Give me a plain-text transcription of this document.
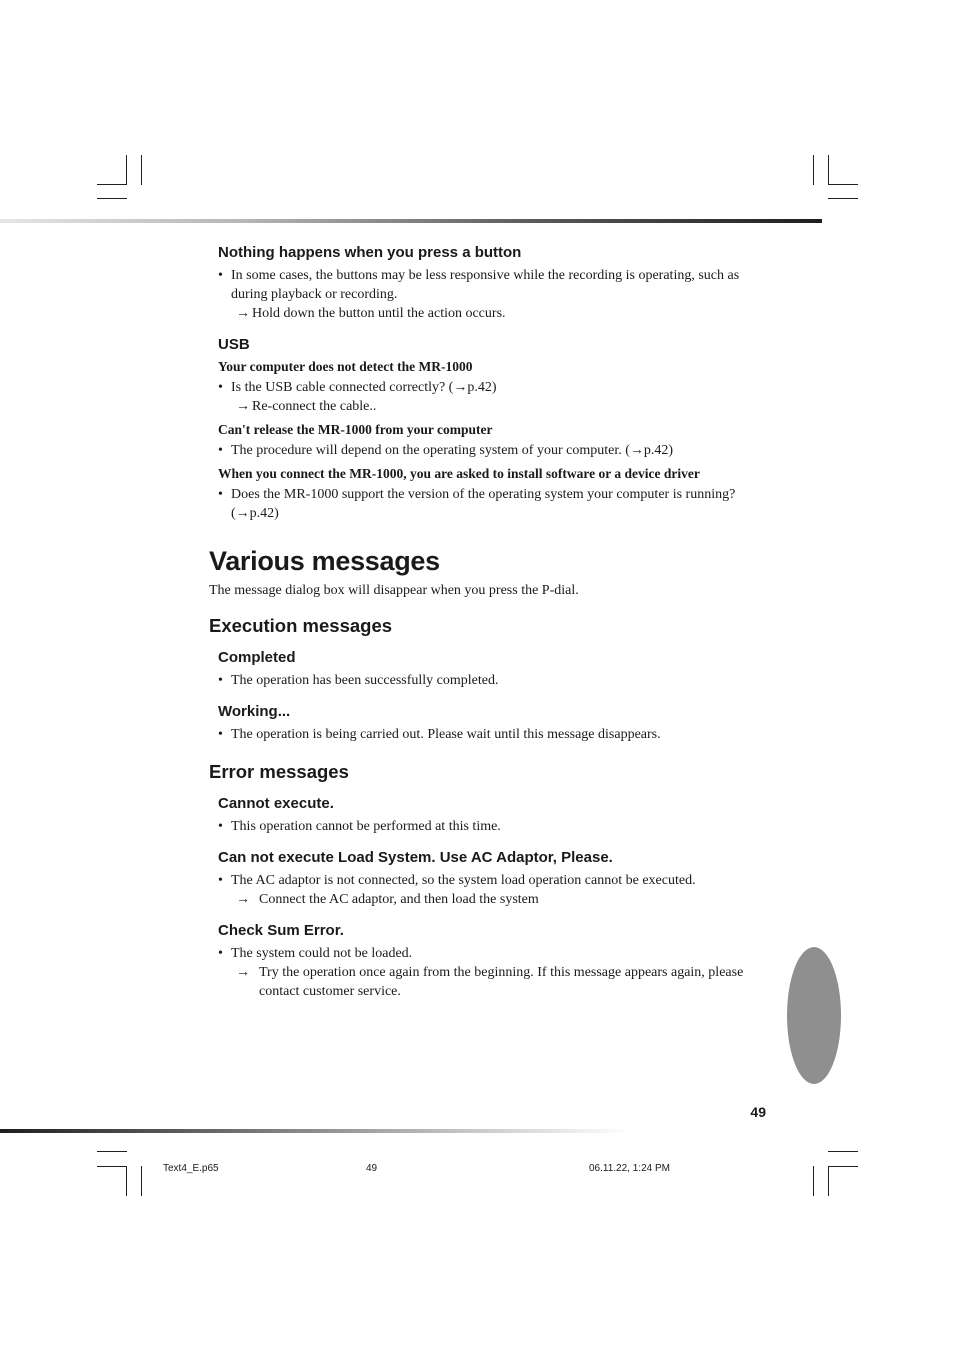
Nothing happens when you press a button
• In some cases, the buttons may be less responsive while the recording is operating, such as during playback or recording.
→ Hold down the button until the action occurs.
USB
Your computer does not detect the MR-1000
• Is the USB cable connected correctly? (→p.42)
→ Re-connect the cable..
Can't release the MR-1000 from your computer
• The procedure will depend on the operating system of your computer. (→p.42)
When you connect the MR-1000, you are asked to install software or a device driver
• Does the MR-1000 support the version of the operating system your computer is running? (→p.42)
Various messages

The message dialog box will disappear when you press the P-dial.

Execution messages
Completed
• The operation has been successfully completed.
Working...
• The operation is being carried out. Please wait until this message disappears.
Error messages
Cannot execute.
• This operation cannot be performed at this time.
Can not execute Load System. Use AC Adaptor, Please.
• The AC adaptor is not connected, so the system load operation cannot be executed.
→ Connect the AC adaptor, and then load the system
Check Sum Error.
• The system could not be loaded.
→ Try the operation once again from the beginning. If this message appears again, please contact customer service.
49
Text4_E.p65	49	06.11.22, 1:24 PM
